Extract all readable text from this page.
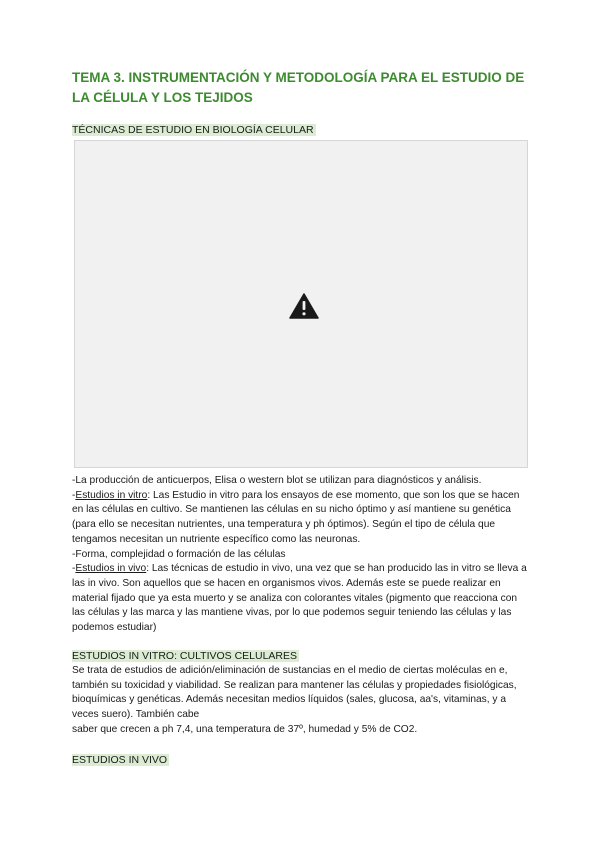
TEMA 3. INSTRUMENTACIÓN Y METODOLOGÍA PARA EL ESTUDIO DE LA CÉLULA Y LOS TEJIDOS
TÉCNICAS DE ESTUDIO EN BIOLOGÍA CELULAR

-La producción de anticuerpos, Elisa o western blot se utilizan para diagnósticos y análisis.

-Estudios in vitro: Las Estudio in vitro para los ensayos de ese momento, que son los que se hacen en las células en cultivo. Se mantienen las células en su nicho óptimo y así mantiene su genética (para ello se necesitan nutrientes, una temperatura y ph óptimos). Según el tipo de célula que tengamos necesitan un nutriente específico como las neuronas.

-Forma, complejidad o formación de las células

-Estudios in vivo: Las técnicas de estudio in vivo, una vez que se han producido las in vitro se lleva a las in vivo. Son aquellos que se hacen en organismos vivos. Además este se puede realizar en material fijado que ya esta muerto y se analiza con colorantes vitales (pigmento que reacciona con las células y las marca y las mantiene vivas, por lo que podemos seguir teniendo las células y las podemos estudiar)

ESTUDIOS IN VITRO: CULTIVOS CELULARES

Se trata de estudios de adición/eliminación de sustancias en el medio de ciertas moléculas en e, también su toxicidad y viabilidad. Se realizan para mantener las células y propiedades fisiológicas, bioquímicas y genéticas. Además necesitan medios líquidos (sales, glucosa, aa's, vitaminas, y a veces suero). También cabe

saber que crecen a ph 7,4, una temperatura de 37º, humedad y 5% de CO2.

ESTUDIOS IN VIVO
